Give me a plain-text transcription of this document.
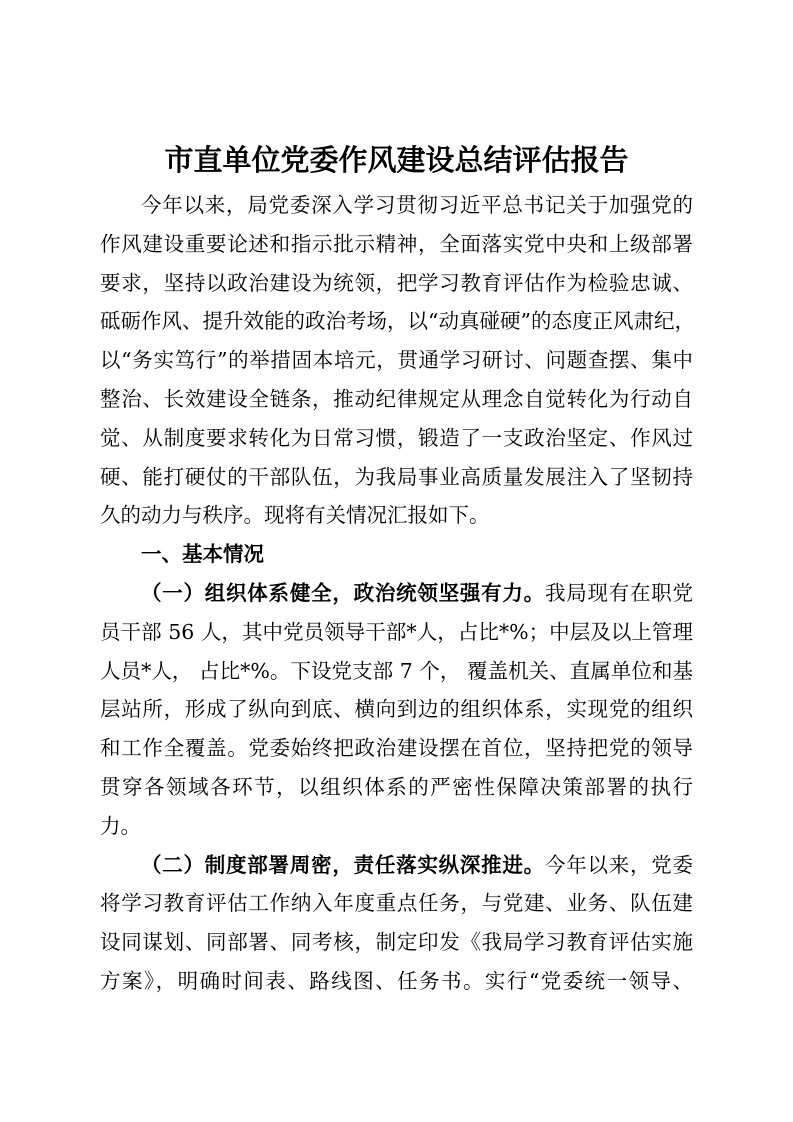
市直单位党委作风建设总结评估报告
今年以来，局党委深入学习贯彻习近平总书记关于加强党的
作风建设重要论述和指示批示精神，全面落实党中央和上级部署
要求，坚持以政治建设为统领，把学习教育评估作为检验忠诚、
砥砺作风、提升效能的政治考场，以“动真碰硬”的态度正风肃纪，
以“务实笃行”的举措固本培元，贯通学习研讨、问题查摆、集中
整治、长效建设全链条，推动纪律规定从理念自觉转化为行动自
觉、从制度要求转化为日常习惯，锻造了一支政治坚定、作风过
硬、能打硬仗的干部队伍，为我局事业高质量发展注入了坚韧持
久的动力与秩序。现将有关情况汇报如下。
一、基本情况
（一）组织体系健全，政治统领坚强有力。我局现有在职党
员干部 56 人，其中党员领导干部*人，占比*%；中层及以上管理
人员*人， 占比*%。下设党支部 7 个， 覆盖机关、直属单位和基
层站所，形成了纵向到底、横向到边的组织体系，实现党的组织
和工作全覆盖。党委始终把政治建设摆在首位，坚持把党的领导
贯穿各领域各环节，以组织体系的严密性保障决策部署的执行
力。
（二）制度部署周密，责任落实纵深推进。今年以来，党委
将学习教育评估工作纳入年度重点任务，与党建、业务、队伍建
设同谋划、同部署、同考核，制定印发《我局学习教育评估实施
方案》，明确时间表、路线图、任务书。实行“党委统一领导、
